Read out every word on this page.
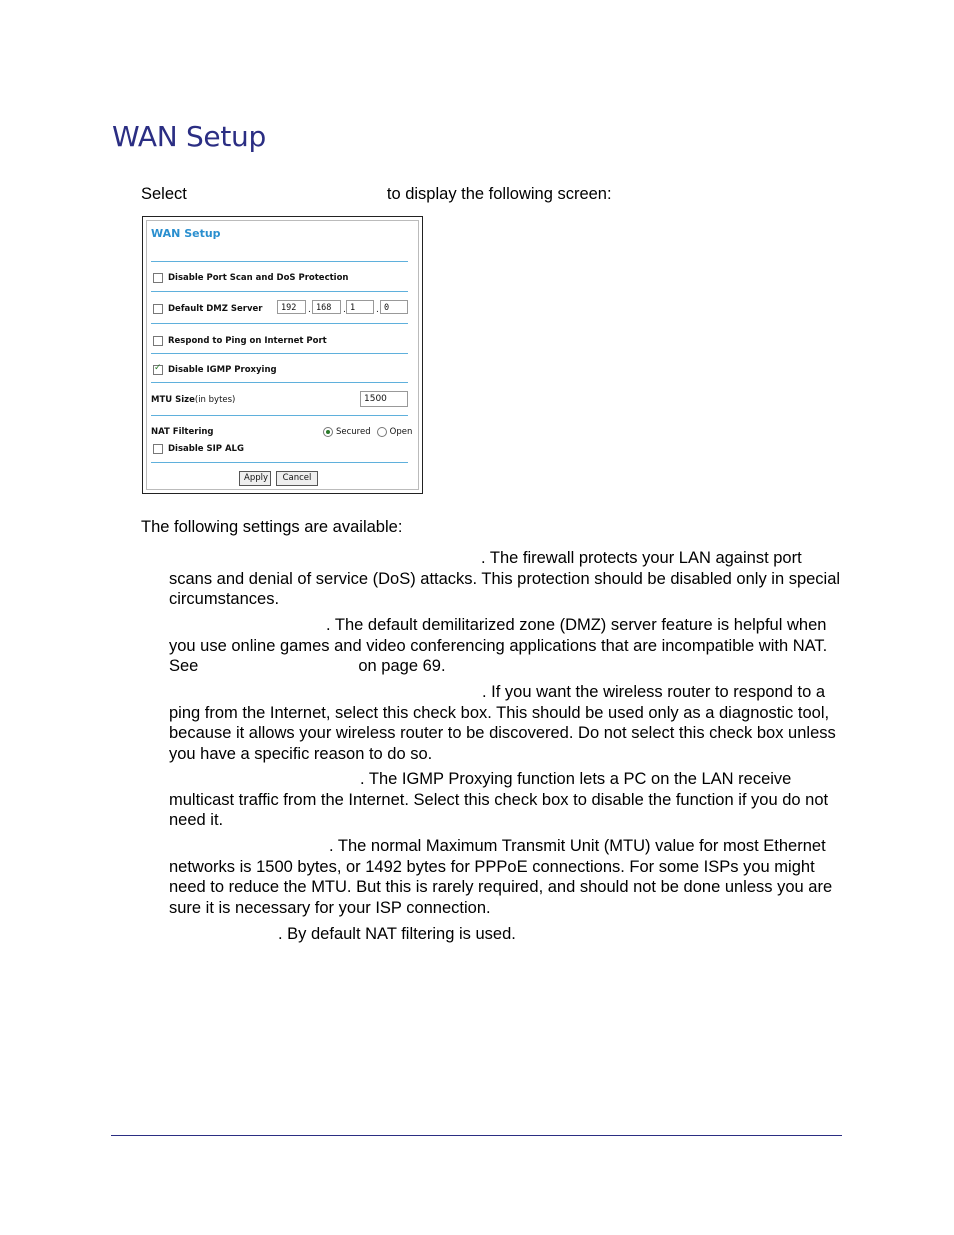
WAN Setup

Select	to display the following screen:

WAN Setup
Disable Port Scan and DoS Protection
Default DMZ Server	192	. 168	. 1	. 0
Respond to Ping on Internet Port
✓
Disable IGMP Proxying
MTU Size(in bytes)	1500
NAT Filtering	Secured Open
Disable SIP ALG
Apply	Cancel

The following settings are available:

. The firewall protects your LAN against port scans and denial of service (DoS) attacks. This protection should be disabled only in special circumstances.

. The default demilitarized zone (DMZ) server feature is helpful when you use online games and video conferencing applications that are incompatible with NAT. See	on page 69.

. If you want the wireless router to respond to a ping from the Internet, select this check box. This should be used only as a diagnostic tool, because it allows your wireless router to be discovered. Do not select this check box unless you have a specific reason to do so.

. The IGMP Proxying function lets a PC on the LAN receive multicast traffic from the Internet. Select this check box to disable the function if you do not need it.

. The normal Maximum Transmit Unit (MTU) value for most Ethernet networks is 1500 bytes, or 1492 bytes for PPPoE connections. For some ISPs you might need to reduce the MTU. But this is rarely required, and should not be done unless you are sure it is necessary for your ISP connection.

. By default NAT filtering is used.
